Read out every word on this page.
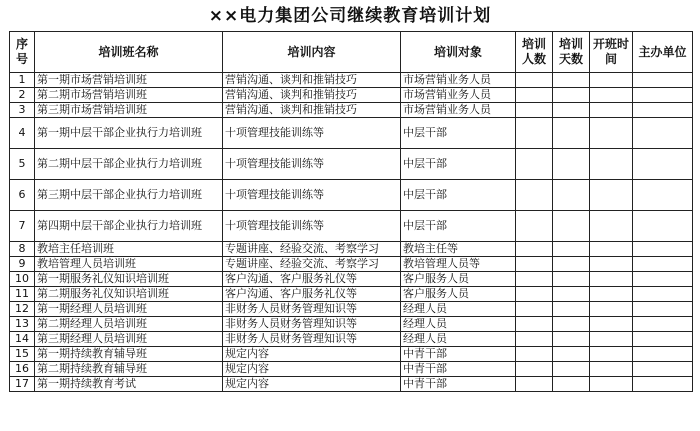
××电力集团公司继续教育培训计划
序号	培训班名称	培训内容	培训对象	培训人数	培训天数	开班时间	主办单位
1	第一期市场营销培训班	营销沟通、谈判和推销技巧	市场营销业务人员				
2	第二期市场营销培训班	营销沟通、谈判和推销技巧	市场营销业务人员				
3	第三期市场营销培训班	营销沟通、谈判和推销技巧	市场营销业务人员				
4	第一期中层干部企业执行力培训班	十项管理技能训练等	中层干部				
5	第二期中层干部企业执行力培训班	十项管理技能训练等	中层干部				
6	第三期中层干部企业执行力培训班	十项管理技能训练等	中层干部				
7	第四期中层干部企业执行力培训班	十项管理技能训练等	中层干部				
8	教培主任培训班	专题讲座、经验交流、考察学习	教培主任等				
9	教培管理人员培训班	专题讲座、经验交流、考察学习	教培管理人员等				
10	第一期服务礼仪知识培训班	客户沟通、客户服务礼仪等	客户服务人员				
11	第二期服务礼仪知识培训班	客户沟通、客户服务礼仪等	客户服务人员				
12	第一期经理人员培训班	非财务人员财务管理知识等	经理人员				
13	第二期经理人员培训班	非财务人员财务管理知识等	经理人员				
14	第三期经理人员培训班	非财务人员财务管理知识等	经理人员				
15	第一期持续教育辅导班	规定内容	中青干部				
16	第二期持续教育辅导班	规定内容	中青干部				
17	第一期持续教育考试	规定内容	中青干部				
